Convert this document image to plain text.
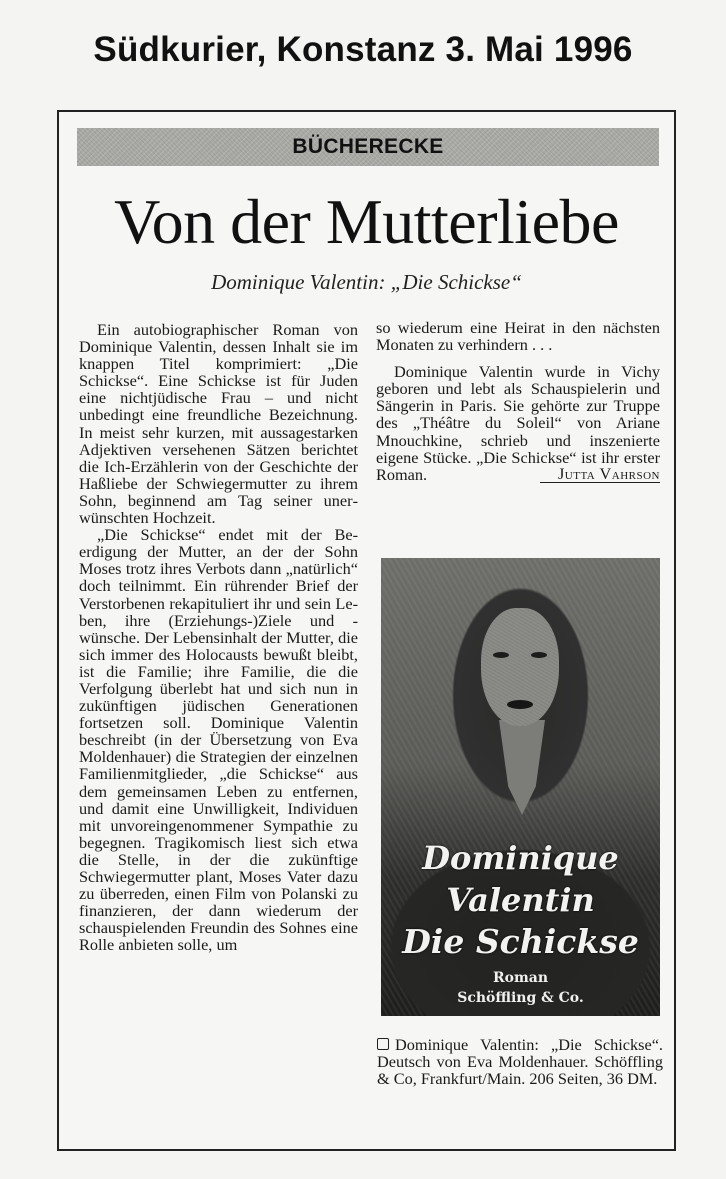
Südkurier, Konstanz 3. Mai 1996
BÜCHERECKE
Von der Mutterliebe
Dominique Valentin: „Die Schickse“

Ein autobiographischer Roman von Dominique Valentin, dessen Inhalt sie im knappen Titel komprimiert: „Die Schickse“. Eine Schickse ist für Juden eine nichtjüdische Frau – und nicht unbedingt eine freundliche Bezeichnung. In meist sehr kurzen, mit aussagestarken Adjektiven versehenen Sätzen berichtet die Ich-Erzählerin von der Geschichte der Haßliebe der Schwiegermutter zu ihrem Sohn, beginnend am Tag seiner unerwünschten Hochzeit.

„Die Schickse“ endet mit der Beerdigung der Mutter, an der der Sohn Moses trotz ihres Verbots dann „natürlich“ doch teilnimmt. Ein rührender Brief der Verstorbenen rekapituliert ihr und sein Leben, ihre (Erziehungs-)Ziele und -wünsche. Der Lebensinhalt der Mutter, die sich immer des Holocausts bewußt bleibt, ist die Familie; ihre Familie, die die Verfolgung überlebt hat und sich nun in zukünftigen jüdischen Generationen fortsetzen soll. Dominique Valentin beschreibt (in der Übersetzung von Eva Moldenhauer) die Strategien der einzelnen Familienmitglieder, „die Schickse“ aus dem gemeinsamen Leben zu entfernen, und damit eine Unwilligkeit, Individuen mit unvoreingenommener Sympathie zu begegnen. Tragikomisch liest sich etwa die Stelle, in der die zukünftige Schwiegermutter plant, Moses Vater dazu zu überreden, einen Film von Polanski zu finanzieren, der dann wiederum der schauspielenden Freundin des Sohnes eine Rolle anbieten solle, um

so wiederum eine Heirat in den nächsten Monaten zu verhindern . . .

Dominique Valentin wurde in Vichy geboren und lebt als Schauspielerin und Sängerin in Paris. Sie gehörte zur Truppe des „Théâtre du Soleil“ von Ariane Mnouchkine, schrieb und inszenierte eigene Stücke. „Die Schickse“ ist ihr erster Roman.	Jutta Vahrson

Dominique
Valentin
Die Schickse
Roman
Schöffling & Co.
Dominique Valentin: „Die Schickse“. Deutsch von Eva Moldenhauer. Schöffling & Co, Frankfurt/Main. 206 Seiten, 36 DM.
